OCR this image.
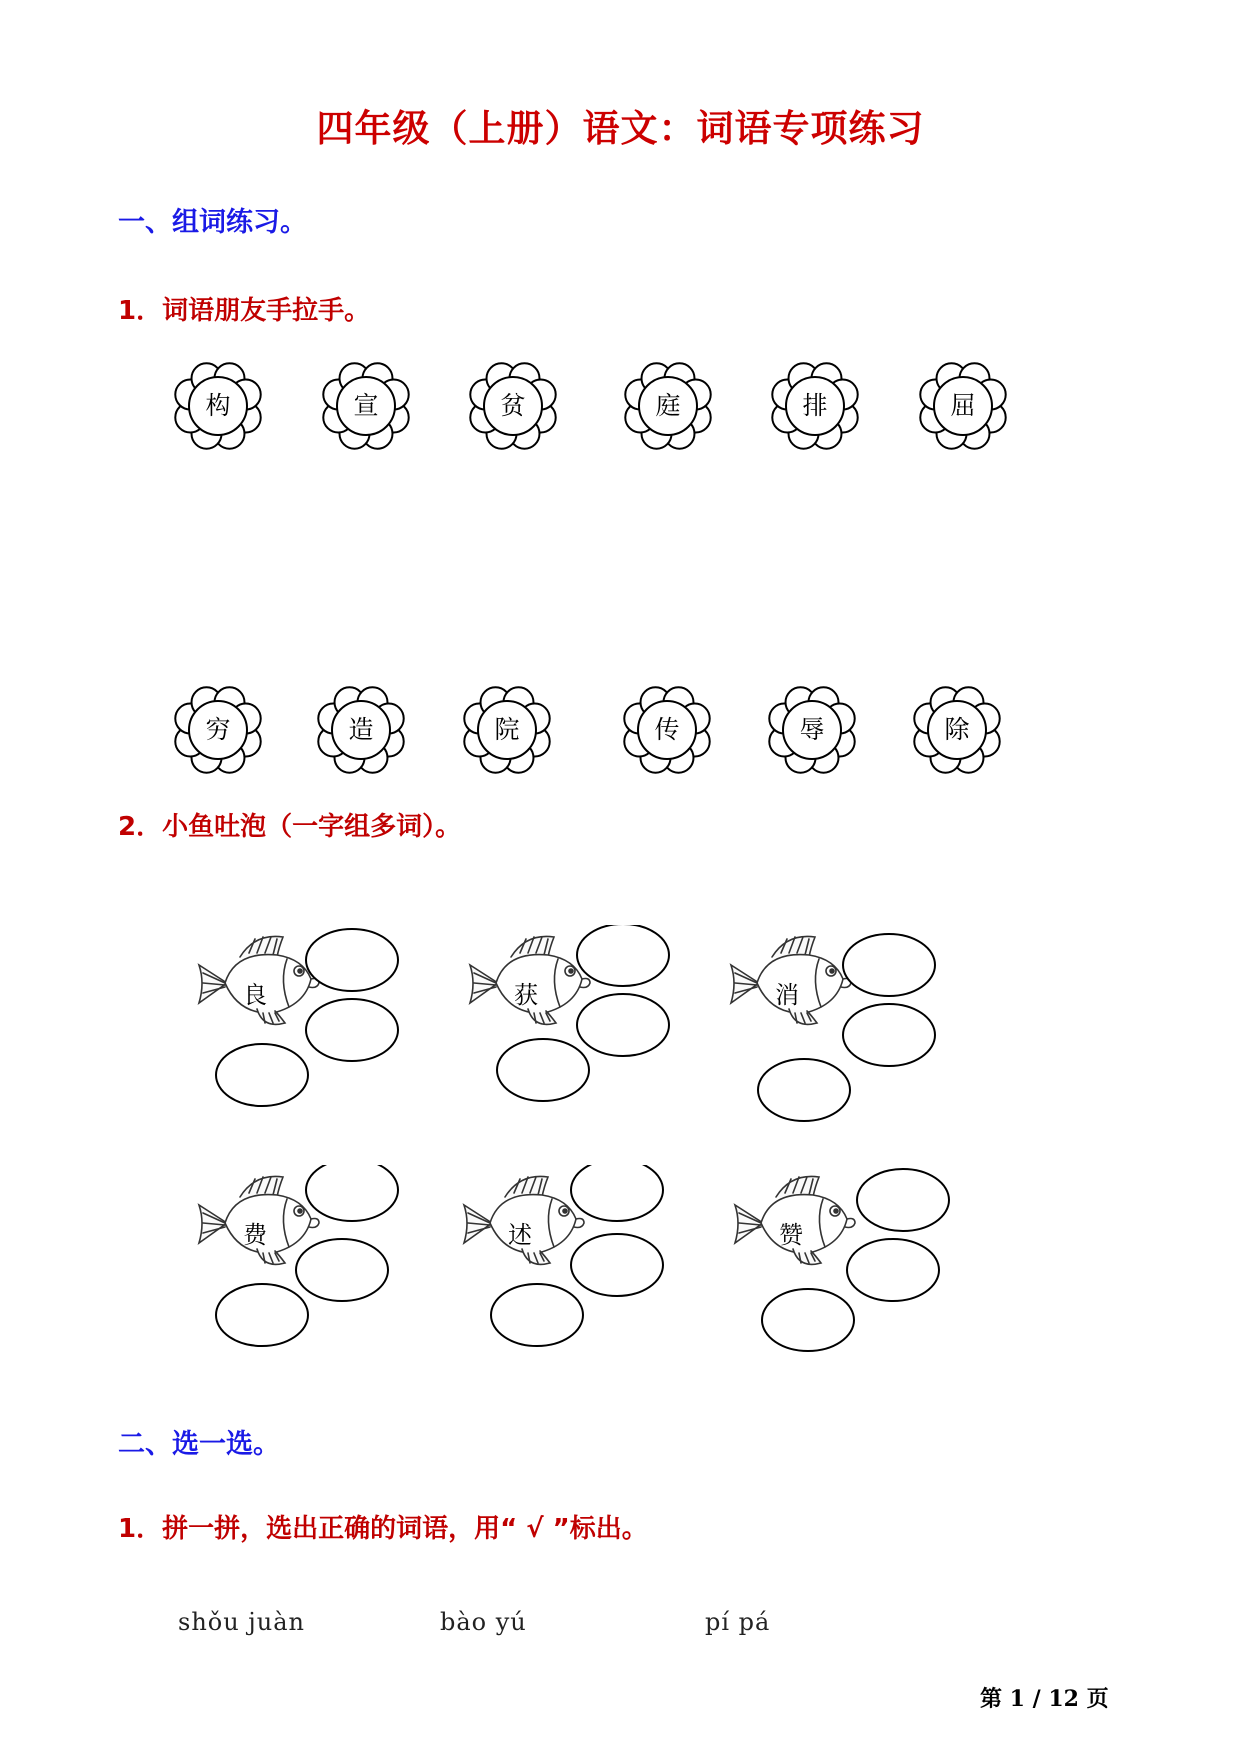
四年级（上册）语文：词语专项练习
一、组词练习。
1．词语朋友手拉手。
构	宣	贫	庭	排	屈
穷	造	院	传	辱	除
2．小鱼吐泡（一字组多词）。
良	获	消
费	述	赞
二、选一选。
1．拼一拼，选出正确的词语，用“ √ ”标出。
shǒu juàn	bào yú	pí pá
第 1 / 12 页
